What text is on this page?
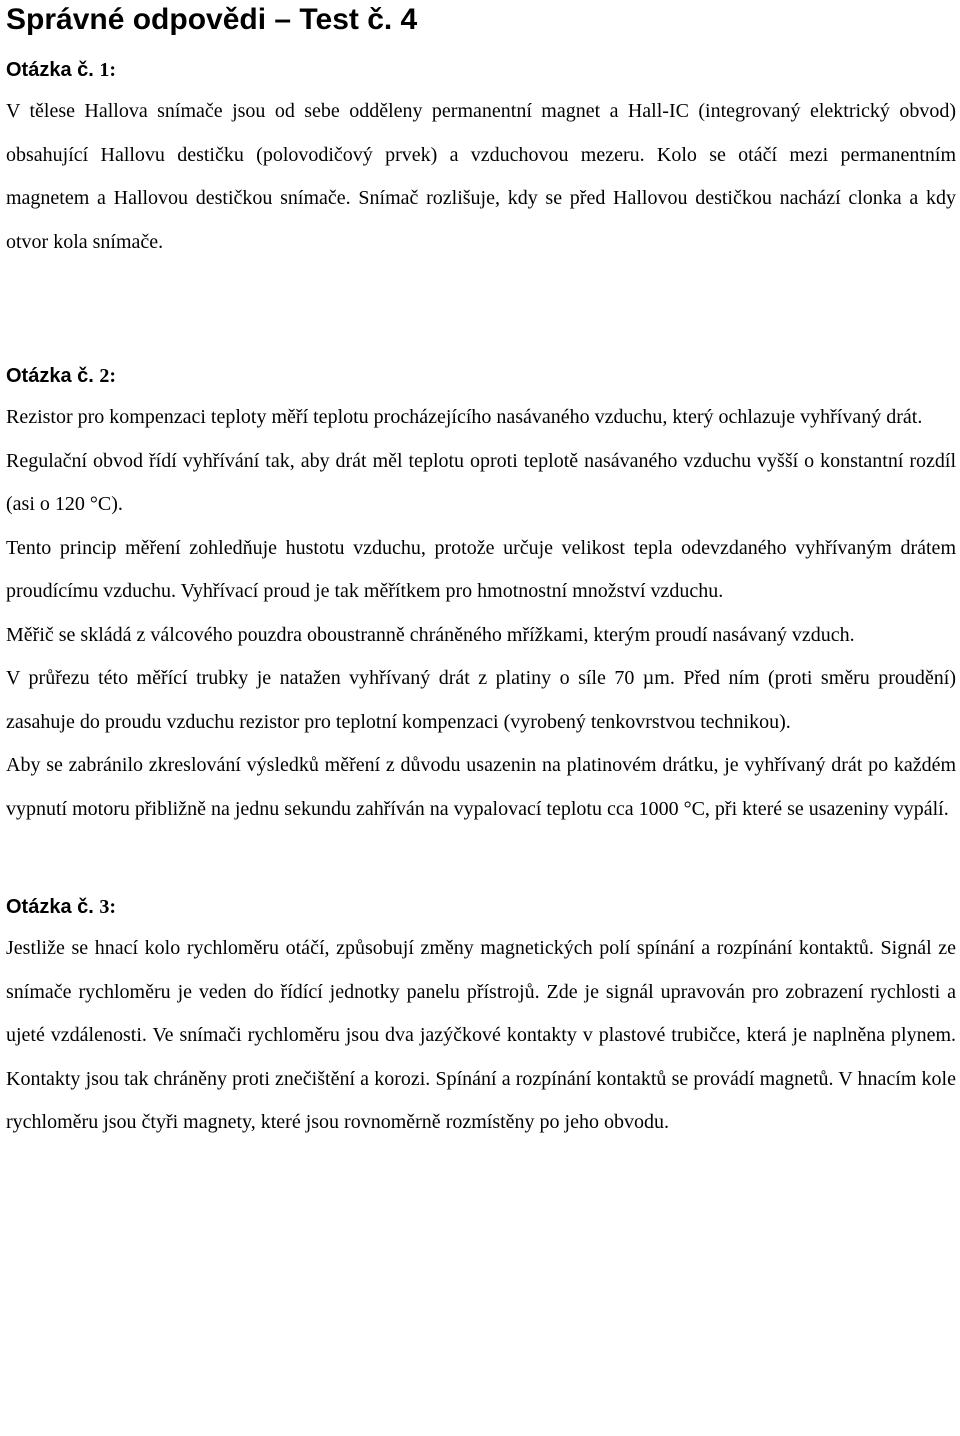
Správné odpovědi – Test č. 4
Otázka č. 1:

V tělese Hallova snímače jsou od sebe odděleny permanentní magnet a Hall-IC (integrovaný elektrický obvod) obsahující Hallovu destičku (polovodičový prvek) a vzduchovou mezeru. Kolo se otáčí mezi permanentním magnetem a Hallovou destičkou snímače. Snímač rozlišuje, kdy se před Hallovou destičkou nachází clonka a kdy otvor kola snímače.

Otázka č. 2:

Rezistor pro kompenzaci teploty měří teplotu procházejícího nasávaného vzduchu, který ochlazuje vyhřívaný drát.

Regulační obvod řídí vyhřívání tak, aby drát měl teplotu oproti teplotě nasávaného vzduchu vyšší o konstantní rozdíl (asi o 120 °C).

Tento princip měření zohledňuje hustotu vzduchu, protože určuje velikost tepla odevzdaného vyhřívaným drátem proudícímu vzduchu. Vyhřívací proud je tak měřítkem pro hmotnostní množství vzduchu.

Měřič se skládá z válcového pouzdra oboustranně chráněného mřížkami, kterým proudí nasávaný vzduch.

V průřezu této měřící trubky je natažen vyhřívaný drát z platiny o síle 70 µm. Před ním (proti směru proudění) zasahuje do proudu vzduchu rezistor pro teplotní kompenzaci (vyrobený tenkovrstvou technikou).

Aby se zabránilo zkreslování výsledků měření z důvodu usazenin na platinovém drátku, je vyhřívaný drát po každém vypnutí motoru přibližně na jednu sekundu zahříván na vypalovací teplotu cca 1000 °C, při které se usazeniny vypálí.

Otázka č. 3:

Jestliže se hnací kolo rychloměru otáčí, způsobují změny magnetických polí spínání a rozpínání kontaktů. Signál ze snímače rychloměru je veden do řídící jednotky panelu přístrojů. Zde je signál upravován pro zobrazení rychlosti a ujeté vzdálenosti. Ve snímači rychloměru jsou dva jazýčkové kontakty v plastové trubičce, která je naplněna plynem. Kontakty jsou tak chráněny proti znečištění a korozi. Spínání a rozpínání kontaktů se provádí magnetů. V hnacím kole rychloměru jsou čtyři magnety, které jsou rovnoměrně rozmístěny po jeho obvodu.
